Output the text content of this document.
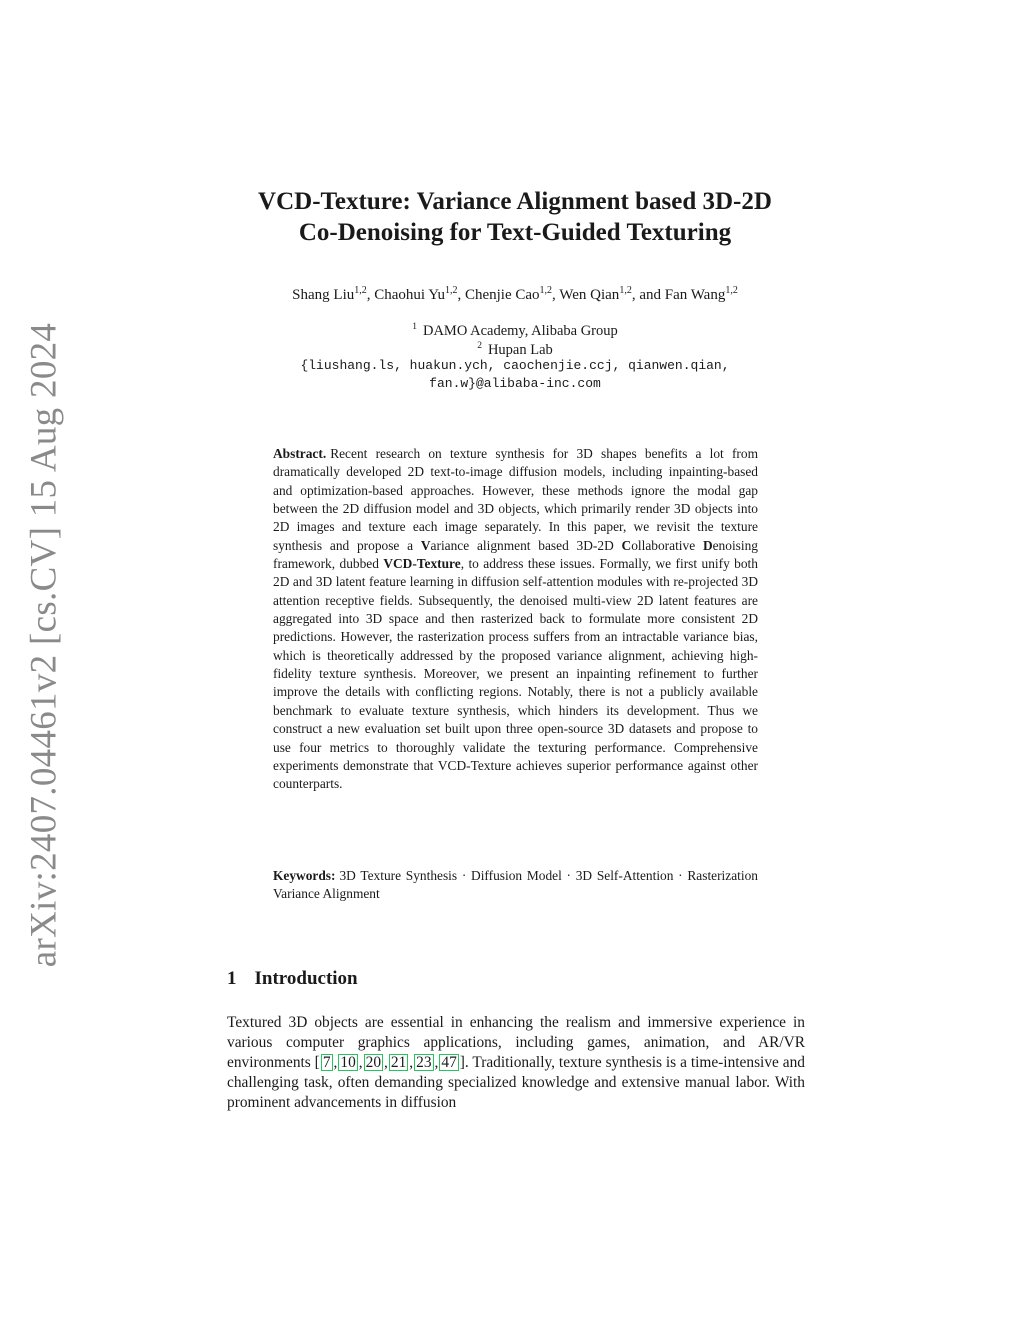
arXiv:2407.04461v2 [cs.CV] 15 Aug 2024
VCD-Texture: Variance Alignment based 3D-2D
Co-Denoising for Text-Guided Texturing
Shang Liu$^{1,2}$, Chaohui Yu$^{1,2}$, Chenjie Cao$^{1,2}$, Wen Qian$^{1,2}$, and Fan Wang$^{1,2}$
$^1$ DAMO Academy, Alibaba Group
$^2$ Hupan Lab
{liushang.ls, huakun.ych, caochenjie.ccj, qianwen.qian,
fan.w}@alibaba-inc.com
Abstract. Recent research on texture synthesis for 3D shapes benefits a lot from dramatically developed 2D text-to-image diffusion models, including inpainting-based and optimization-based approaches. However, these methods ignore the modal gap between the 2D diffusion model and 3D objects, which primarily render 3D objects into 2D images and texture each image separately. In this paper, we revisit the texture synthesis and propose a Variance alignment based 3D-2D Collaborative Denoising framework, dubbed VCD-Texture, to address these issues. Formally, we first unify both 2D and 3D latent feature learning in diffusion self-attention modules with re-projected 3D attention receptive fields. Subsequently, the denoised multi-view 2D latent features are aggregated into 3D space and then rasterized back to formulate more consistent 2D predictions. However, the rasterization process suffers from an intractable variance bias, which is theoretically addressed by the proposed variance alignment, achieving high-fidelity texture synthesis. Moreover, we present an inpainting refinement to further improve the details with conflicting regions. Notably, there is not a publicly available benchmark to evaluate texture synthesis, which hinders its development. Thus we construct a new evaluation set built upon three open-source 3D datasets and propose to use four metrics to thoroughly validate the texturing performance. Comprehensive experiments demonstrate that VCD-Texture achieves superior performance against other counterparts.
Keywords: 3D Texture Synthesis · Diffusion Model · 3D Self-Attention · Rasterization Variance Alignment
1 Introduction
Textured 3D objects are essential in enhancing the realism and immersive experience in various computer graphics applications, including games, animation, and AR/VR environments [ 7 , 10 , 20 , 21 , 23 , 47 ]. Traditionally, texture synthesis is a time-intensive and challenging task, often demanding specialized knowledge and extensive manual labor. With prominent advancements in diffusion
